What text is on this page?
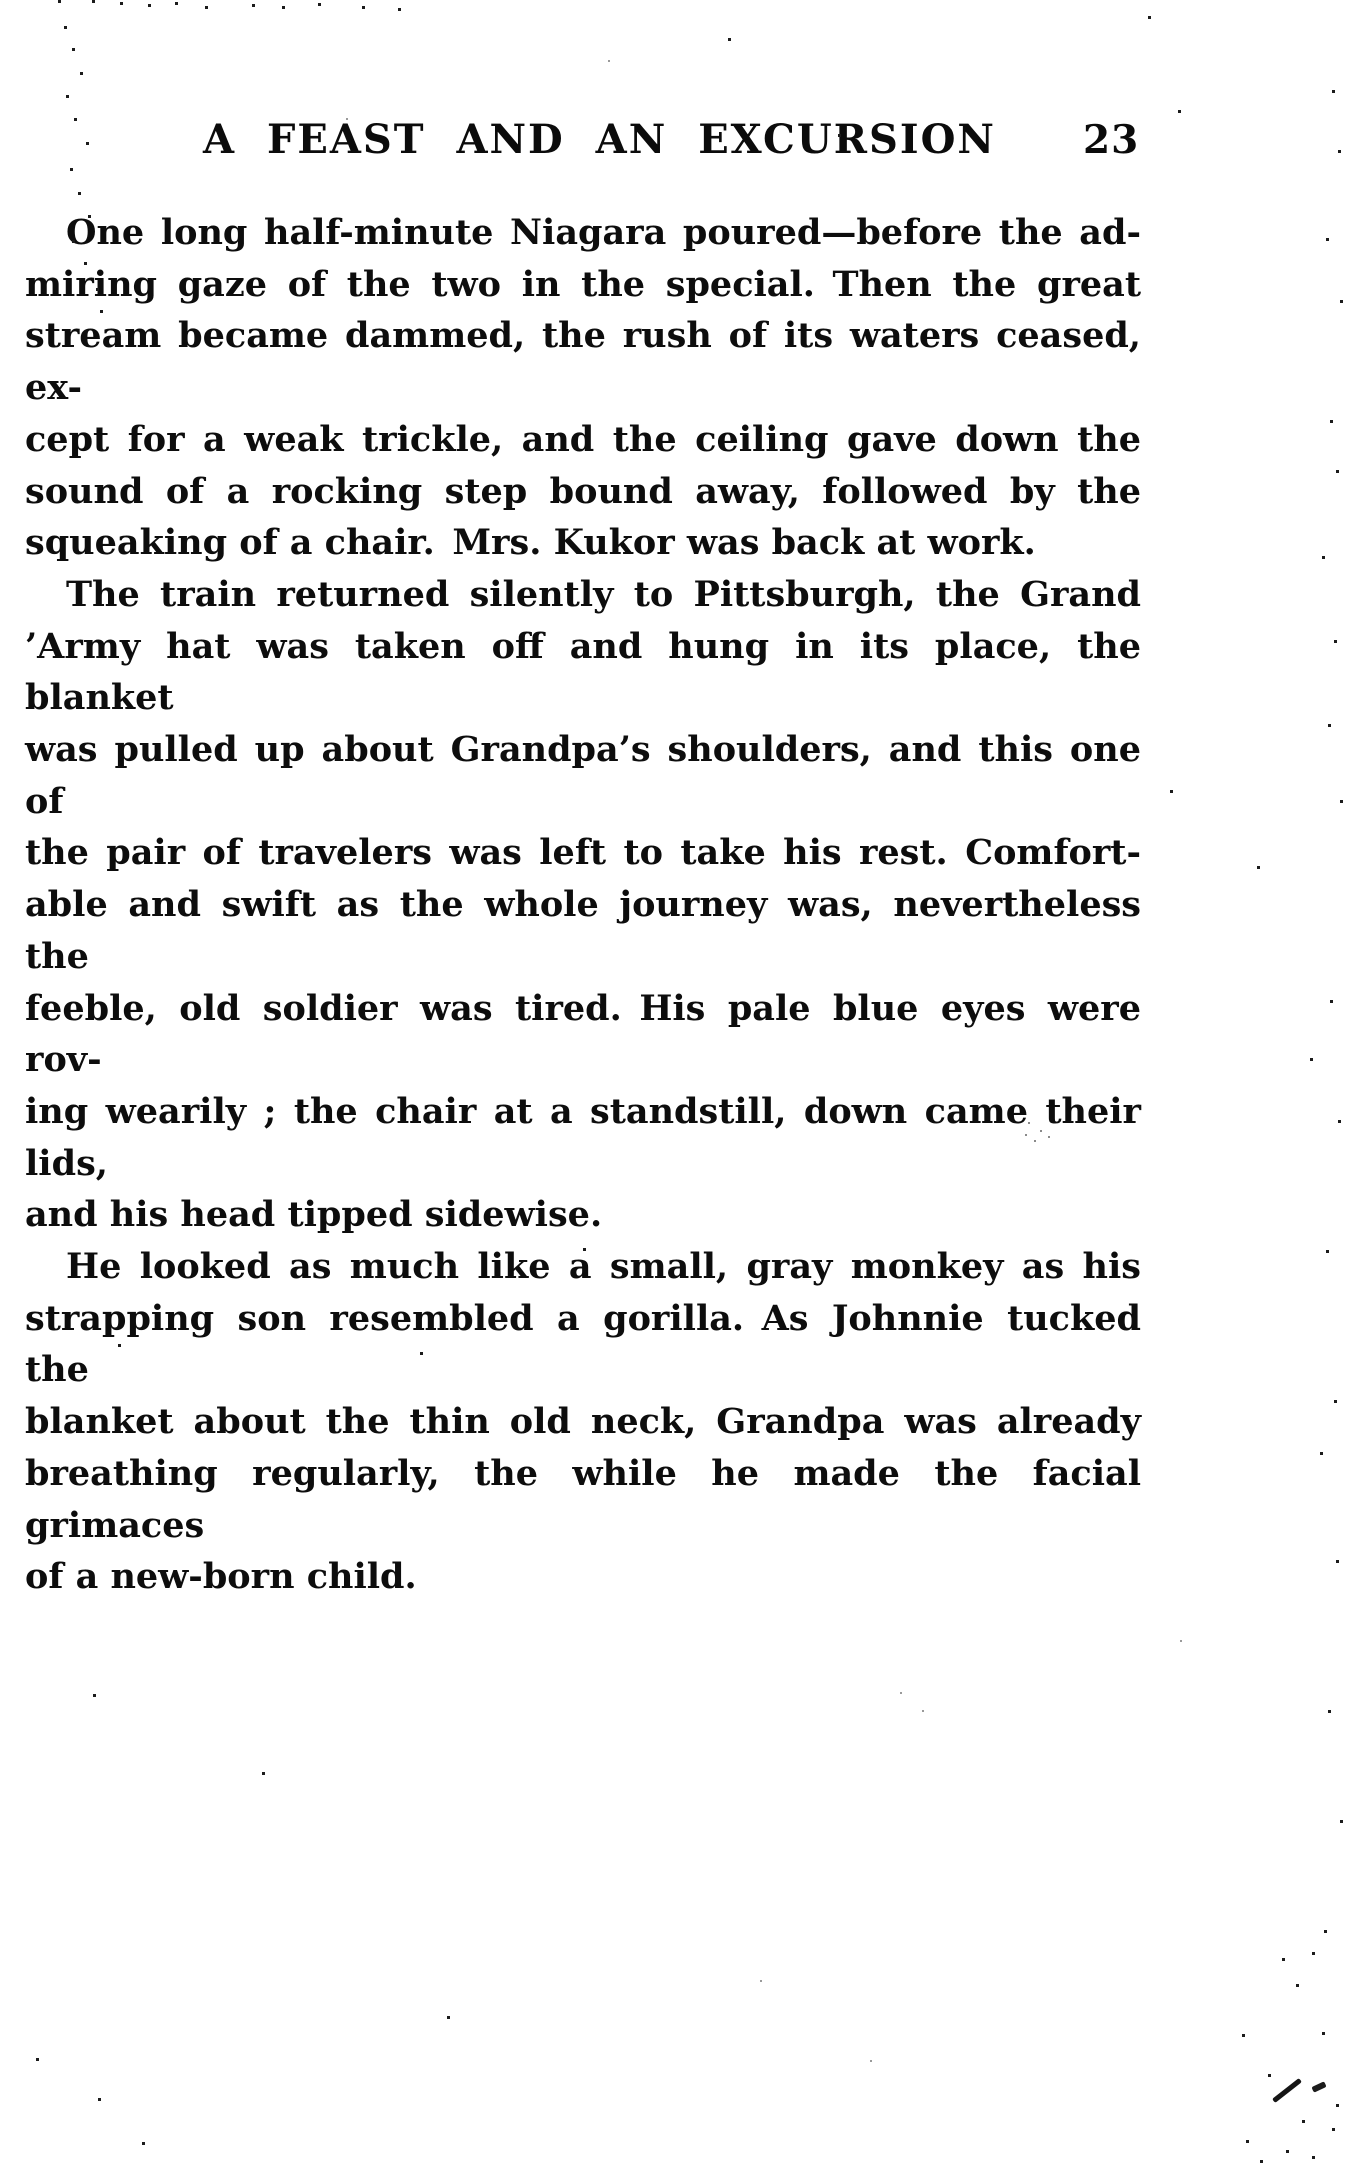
A FEAST AND AN EXCURSION 23
One long half-minute Niagara poured—before the ad-
miring gaze of the two in the special. Then the great
stream became dammed, the rush of its waters ceased, ex-
cept for a weak trickle, and the ceiling gave down the
sound of a rocking step bound away, followed by the
squeaking of a chair. Mrs. Kukor was back at work.
The train returned silently to Pittsburgh, the Grand
’Army hat was taken off and hung in its place, the blanket
was pulled up about Grandpa’s shoulders, and this one of
the pair of travelers was left to take his rest. Comfort-
able and swift as the whole journey was, nevertheless the
feeble, old soldier was tired. His pale blue eyes were rov-
ing wearily ; the chair at a standstill, down came their lids,
and his head tipped sidewise.
He looked as much like a small, gray monkey as his
strapping son resembled a gorilla. As Johnnie tucked the
blanket about the thin old neck, Grandpa was already
breathing regularly, the while he made the facial grimaces
of a new-born child.
